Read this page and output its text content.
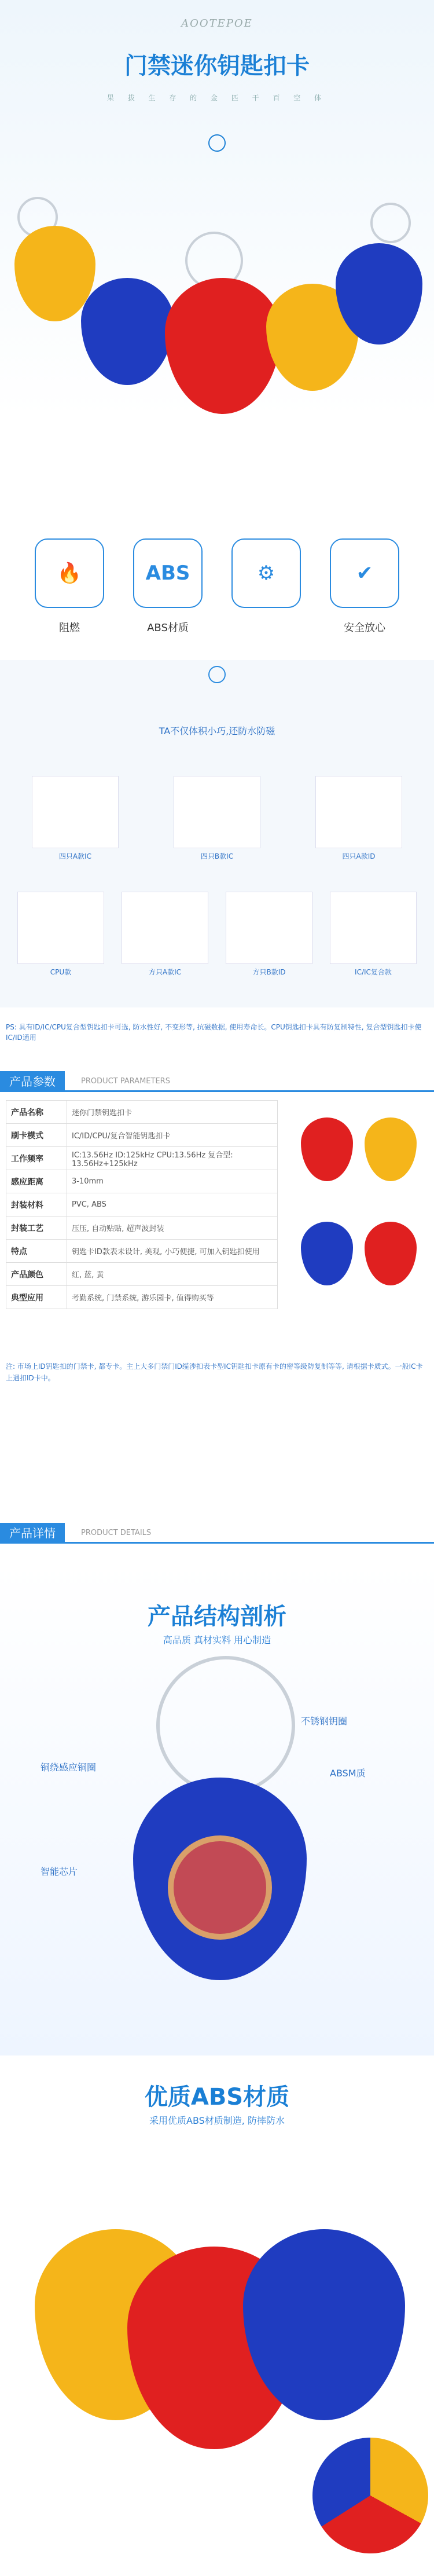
AOOTEPOE
门禁迷你钥匙扣卡
果 拔 生 存 的 金 匹 干 百 空 体
🔥
阻燃
ABS
ABS材质
⚙	✔
安全放心
TA不仅体积小巧,还防水防磁
四只A款IC	四只B款IC	四只A款ID
CPU款	方只A款IC	方只B款ID	IC/IC复合款
PS: 具有ID/IC/CPU复合型钥匙扣卡可选, 防水性好, 不变形等, 抗磁数据, 使用寿命长。CPU钥匙扣卡具有防复制特性, 复合型钥匙扣卡使IC/ID通用
产品参数	PRODUCT PARAMETERS
产品名称	迷你门禁钥匙扣卡
刷卡模式	IC/ID/CPU/复合智能钥匙扣卡
工作频率	IC:13.56Hz ID:125kHz CPU:13.56Hz 复合型: 13.56Hz+125kHz
感应距离	3-10mm
封装材料	PVC, ABS
封装工艺	压压, 自动贴贴, 超声波封装
特点	钥匙卡ID款表未设计, 美观, 小巧便捷, 可加入钥匙扣使用
产品颜色	红, 蓝, 黄
典型应用	考勤系统, 门禁系统, 游乐园卡, 值得购买等
注: 市场上ID钥匙扣的门禁卡, 都专卡。主上大多门禁门ID缆涉扣表卡型IC钥匙扣卡原有卡的密等级防复制等等, 请根据卡质式。一般IC卡上遇扣ID卡中。
产品详情	PRODUCT DETAILS
产品结构剖析
高品质 真材实料 用心制造
不锈钢钥圈
ABSM质
铜绕感应铜圈
智能芯片
优质ABS材质
采用优质ABS材质制造, 防摔防水
